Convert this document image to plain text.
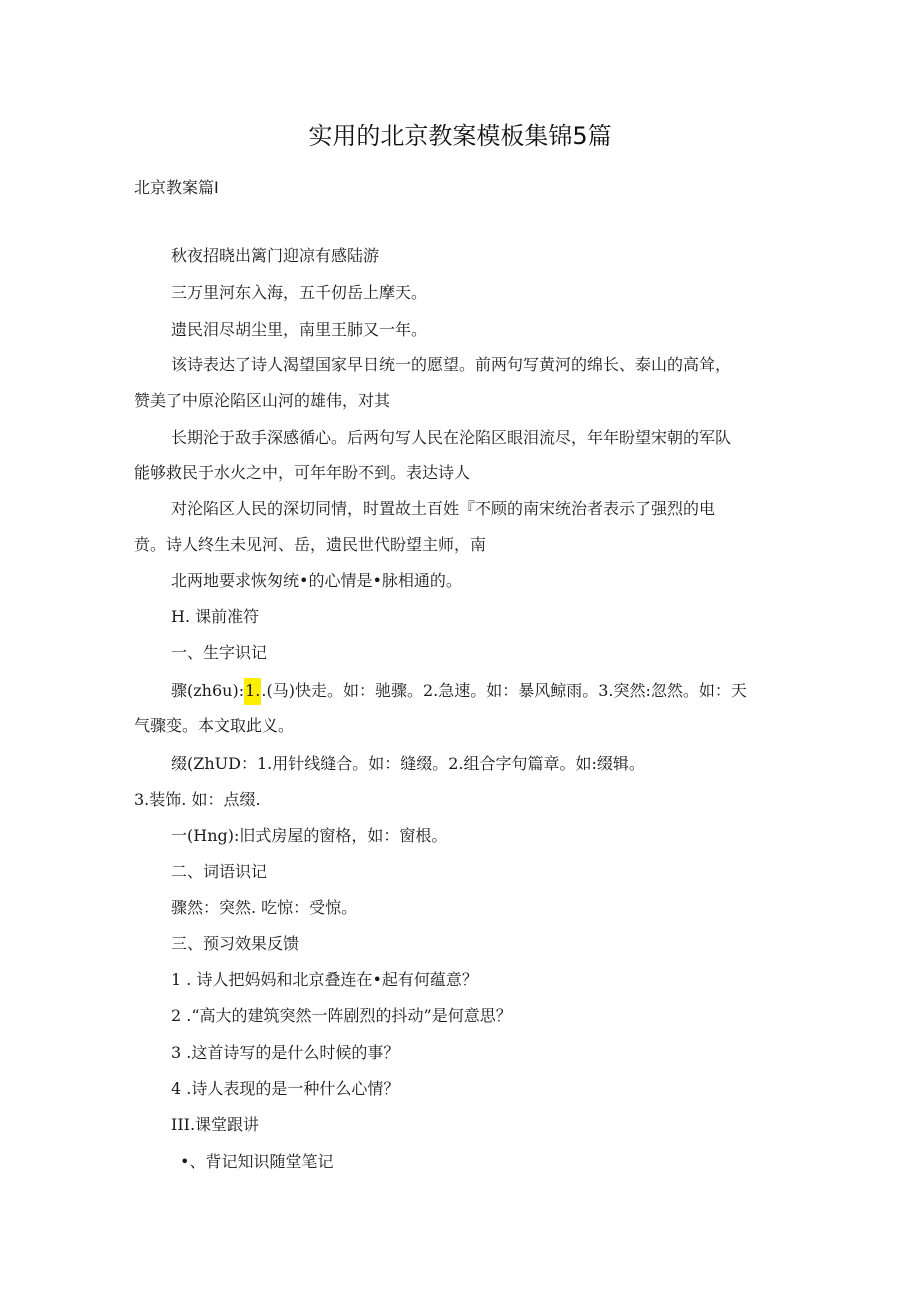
实用的北京教案模板集锦5篇
北京教案篇I
秋夜招晓出篱门迎凉有感陆游
三万里河东入海，五千仞岳上摩天。
遗民泪尽胡尘里，南里王肺又一年。
该诗表达了诗人渴望国家早日统一的愿望。前两句写黄河的绵长、泰山的高耸，
赞美了中原沦陷区山河的雄伟，对其
长期沦于敌手深感循心。后两句写人民在沦陷区眼泪流尽，年年盼望宋朝的军队
能够救民于水火之中，可年年盼不到。表达诗人
对沦陷区人民的深切同情，时置故土百姓『不顾的南宋统治者表示了强烈的电
贲。诗人终生未见河、岳，遗民世代盼望主师，南
北两地要求恢匆统•的心情是•脉相通的。
H. 课前准符
一、生字识记
骤(zh6u):1..(马)快走。如：驰骤。2.急速。如：暴风鲸雨。3.突然:忽然。如：天
气骤变。本文取此义。
缀(ZhUD：1.用针线缝合。如：缝缀。2.组合字句篇章。如:缀辑。
3.装饰. 如：点缀.
一(Hng):旧式房屋的窗格，如：窗根。
二、词语识记
骤然：突然. 吃惊：受惊。
三、预习效果反馈
1 . 诗人把妈妈和北京叠连在•起有何蕴意？
2 .“高大的建筑突然一阵剧烈的抖动”是何意思？
3 .这首诗写的是什么时候的事？
4 .诗人表现的是一种什么心情？
III.课堂跟讲
•、背记知识随堂笔记
